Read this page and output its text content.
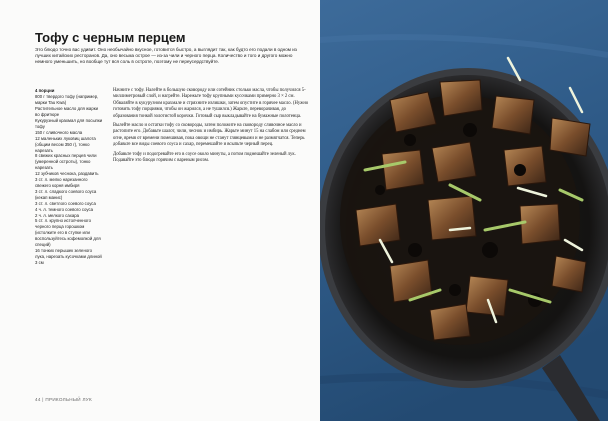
Тофу с черным перцем

Это блюдо точно вас удивит. Оно необычайно вкусное, готовится быстро, а выглядит так, как будто его подали в одном из лучших китайских ресторанов. Да, оно весьма острое — из-за чили и черного перца. Количество и того и другого можно немного уменьшить, но вообще тут вся соль в остроте, поэтому не переусердствуйте.

4 порции

800 г твердого тофу (например, марки Tau Kwa)

Растительное масло для жарки во фритюре

Кукурузный крахмал для посыпки тофу

150 г сливочного масла

12 маленьких луковиц шалота (общим весом 350 г), тонко нарезать

8 свежих красных перцев чили (умеренной остроты), тонко нарезать

12 зубчиков чеснока, раздавить

3 ст. л. мелко нарезанного свежего корня имбиря

3 ст. л. сладкого соевого соуса (кекап манис)

3 ст. л. светлого соевого соуса

4 ч. л. темного соевого соуса

2 ч. л. мелкого сахара

5 ст. л. крупно истолченного черного перца горошком (истолките его в ступке или воспользуйтесь кофемолкой для специй)

16 тонких перышек зеленого лука, нарезать кусочками длиной 3 см

Начните с тофу. Налейте в большую сковороду или сотейник столько масла, чтобы получился 5-миллиметровый слой, и нагрейте. Нарежьте тофу крупными кусочками примерно 3 × 2 см. Обваляйте в кукурузном крахмале и стряхните излишки, затем опустите в горячее масло. (Нужно готовить тофу порциями, чтобы он жарился, а не тушился.) Жарьте, переворачивая, до образования тонкой золотистой корочки. Готовый сыр выкладывайте на бумажные полотенца.

Вылейте масло и остатки тофу со сковороды, затем положите на сковороду сливочное масло и растопите его. Добавьте шалот, чили, чеснок и имбирь. Жарьте минут 15 на слабом или среднем огне, время от времени помешивая, пока овощи не станут глянцевыми и не размягчатся. Теперь добавьте все виды соевого соуса и сахар, перемешайте и всыпьте черный перец.

Добавьте тофу и подогревайте его в соусе около минуты, а потом подмешайте зеленый лук. Подавайте это блюдо горячим с вареным рисом.

44 | ПРИКОЛЬНЫЙ ЛУК
